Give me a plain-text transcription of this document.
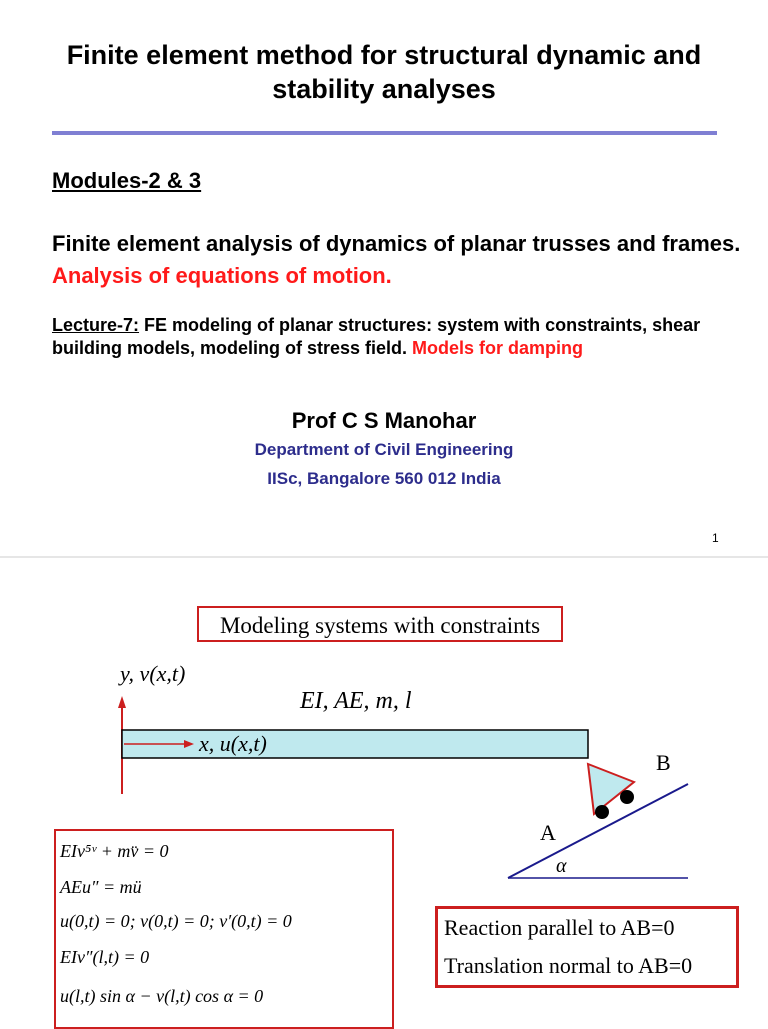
Finite element method for structural dynamic and stability analyses
Modules-2 & 3
Finite element analysis of dynamics of planar trusses and frames. Analysis of equations of motion.
Lecture-7: FE modeling of planar structures: system with constraints, shear building models, modeling of stress field. Models for damping
Prof C S Manohar
Department of Civil Engineering
IISc, Bangalore 560 012 India
1
Modeling systems with constraints
y, v(x,t)
EI, AE, m, l
x, u(x,t)
B
A
α
EIv⁵ᵛ + mv̈ = 0
AEu″ = mü
u(0,t) = 0; v(0,t) = 0; v′(0,t) = 0
EIv″(l,t) = 0
u(l,t) sin α − v(l,t) cos α = 0
Reaction parallel to AB=0
Translation normal to AB=0
